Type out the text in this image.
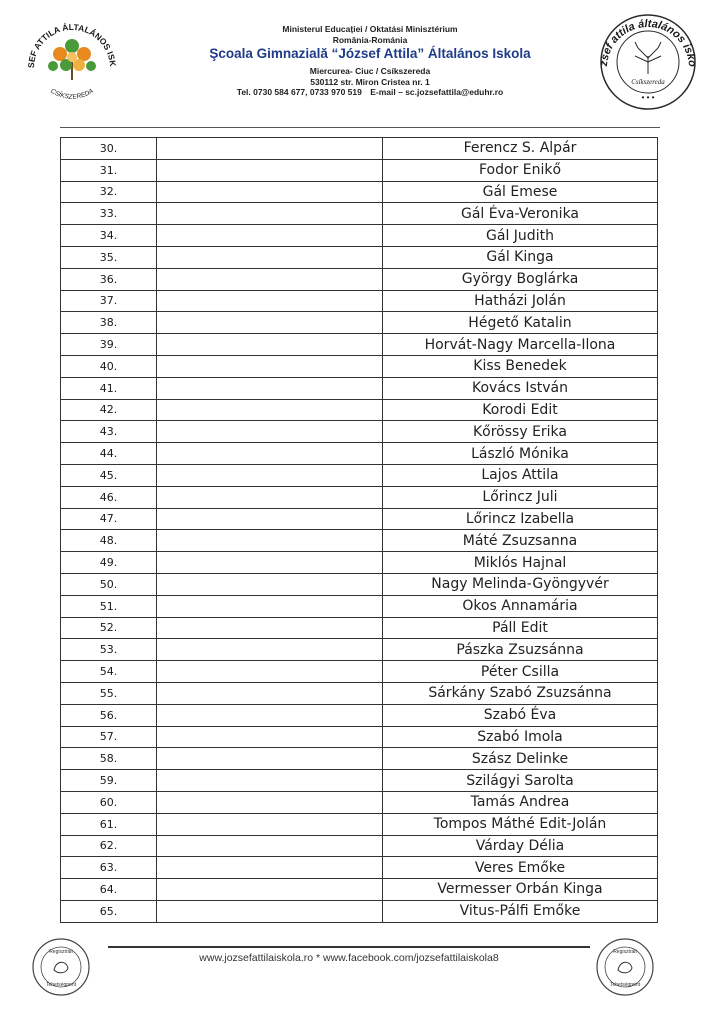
SEF ATTILA ÁLTALÁNOS ISK
CSÍKSZEREDA
Ministerul Educației / Oktatási Minisztérium
România-Románia
Şcoala Gimnazială “József Attila” Általános Iskola
Miercurea- Ciuc / Csíkszereda
530112 str. Miron Cristea nr. 1
Tel. 0730 584 677, 0733 970 519 E-mail – sc.jozsefattila@eduhr.ro
zsef attila általános isko
Csíkszereda
• • •
30.		Ferencz S. Alpár
31.		Fodor Enikő
32.		Gál Emese
33.		Gál Éva-Veronika
34.		Gál Judith
35.		Gál Kinga
36.		György Boglárka
37.		Hatházi Jolán
38.		Hégető Katalin
39.		Horvát-Nagy Marcella-Ilona
40.		Kiss Benedek
41.		Kovács István
42.		Korodi Edit
43.		Kőrössy Erika
44.		László Mónika
45.		Lajos Attila
46.		Lőrincz Juli
47.		Lőrincz Izabella
48.		Máté Zsuzsanna
49.		Miklós Hajnal
50.		Nagy Melinda-Gyöngyvér
51.		Okos Annamária
52.		Páll Edit
53.		Pászka Zsuzsánna
54.		Péter Csilla
55.		Sárkány Szabó Zsuzsánna
56.		Szabó Éva
57.		Szabó Imola
58.		Szász Delinke
59.		Szilágyi Sarolta
60.		Tamás Andrea
61.		Tompos Máthé Edit-Jolán
62.		Várday Délia
63.		Veres Emőke
64.		Vermesser Orbán Kinga
65.		Vitus-Pálfi Emőke
Regisztrált
Tehetségpont
www.jozsefattilaiskola.ro * www.facebook.com/jozsefattilaiskola8	Regisztrált
Tehetségpont
